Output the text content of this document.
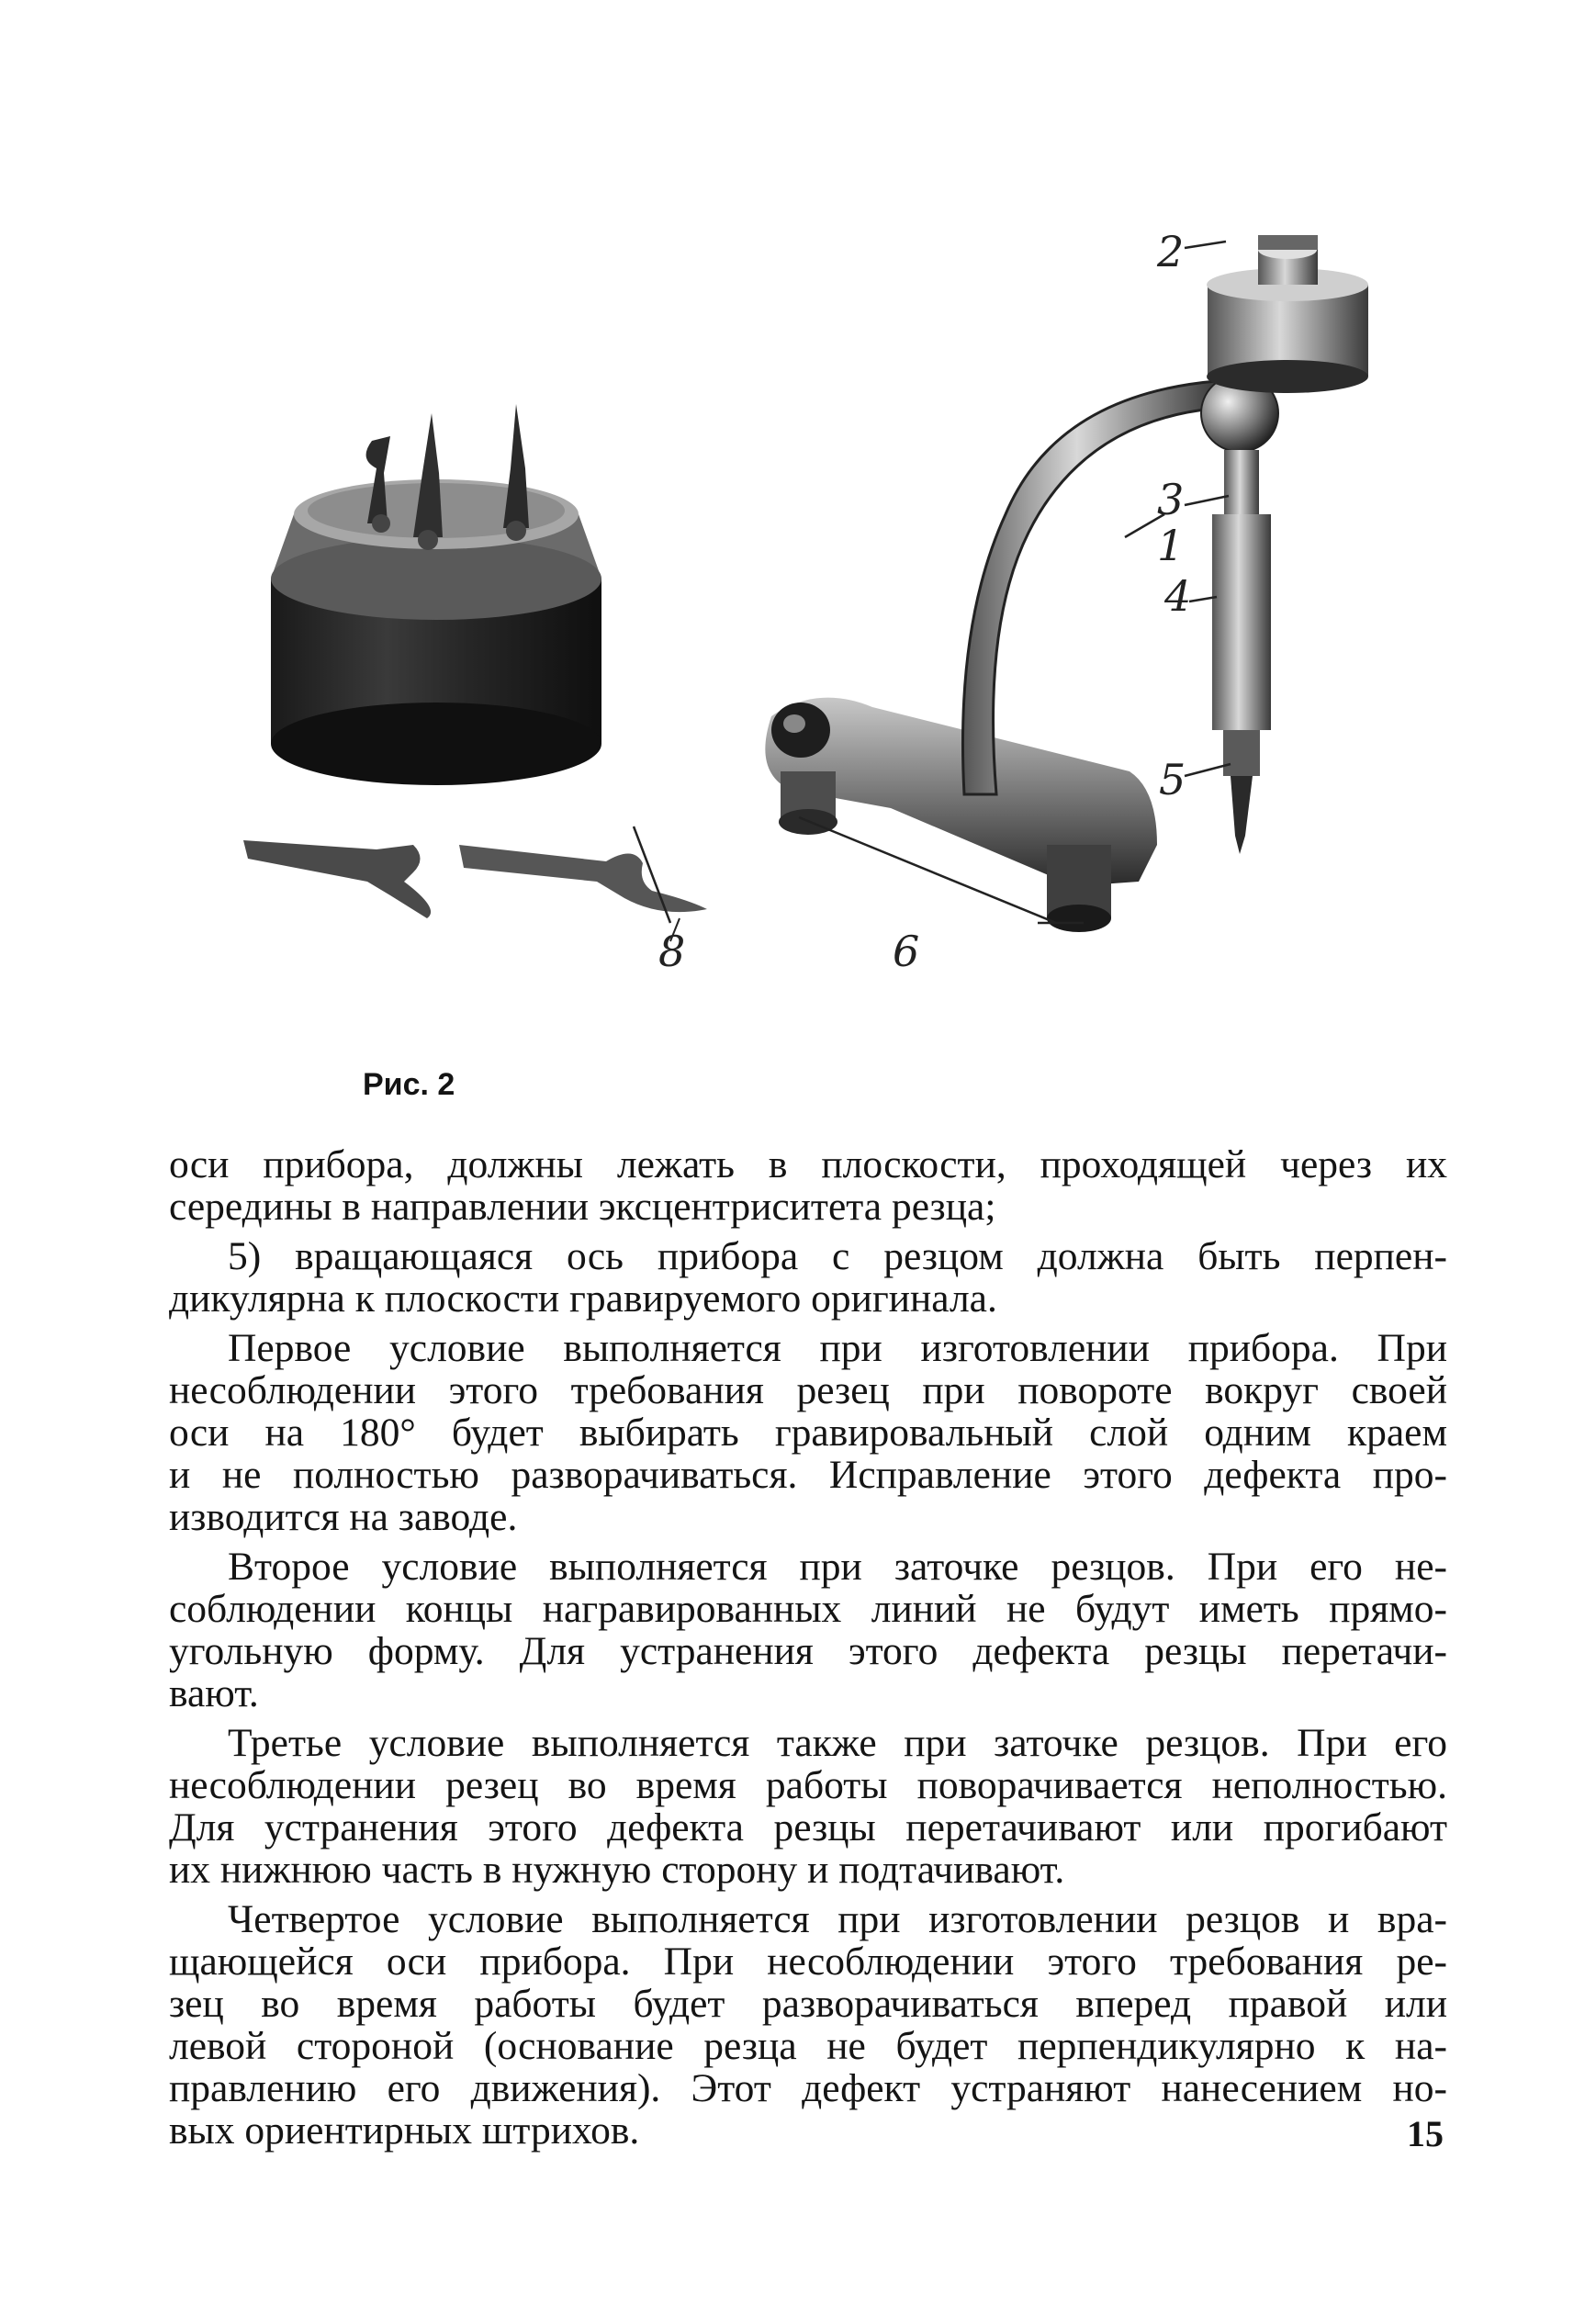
1
2
3
4
5
6
8
Рис. 2
оси прибора, должны лежать в плоскости, проходящей через их
середины в направлении эксцентриситета резца;
5) вращающаяся ось прибора с резцом должна быть перпен-
дикулярна к плоскости гравируемого оригинала.
Первое условие выполняется при изготовлении прибора. При
несоблюдении этого требования резец при повороте вокруг своей
оси на 180° будет выбирать гравировальный слой одним краем
и не полностью разворачиваться. Исправление этого дефекта про-
изводится на заводе.
Второе условие выполняется при заточке резцов. При его не-
соблюдении концы награвированных линий не будут иметь прямо-
угольную форму. Для устранения этого дефекта резцы перетачи-
вают.
Третье условие выполняется также при заточке резцов. При его
несоблюдении резец во время работы поворачивается неполностью.
Для устранения этого дефекта резцы перетачивают или прогибают
их нижнюю часть в нужную сторону и подтачивают.
Четвертое условие выполняется при изготовлении резцов и вра-
щающейся оси прибора. При несоблюдении этого требования ре-
зец во время работы будет разворачиваться вперед правой или
левой стороной (основание резца не будет перпендикулярно к на-
правлению его движения). Этот дефект устраняют нанесением но-
вых ориентирных штрихов.	15
